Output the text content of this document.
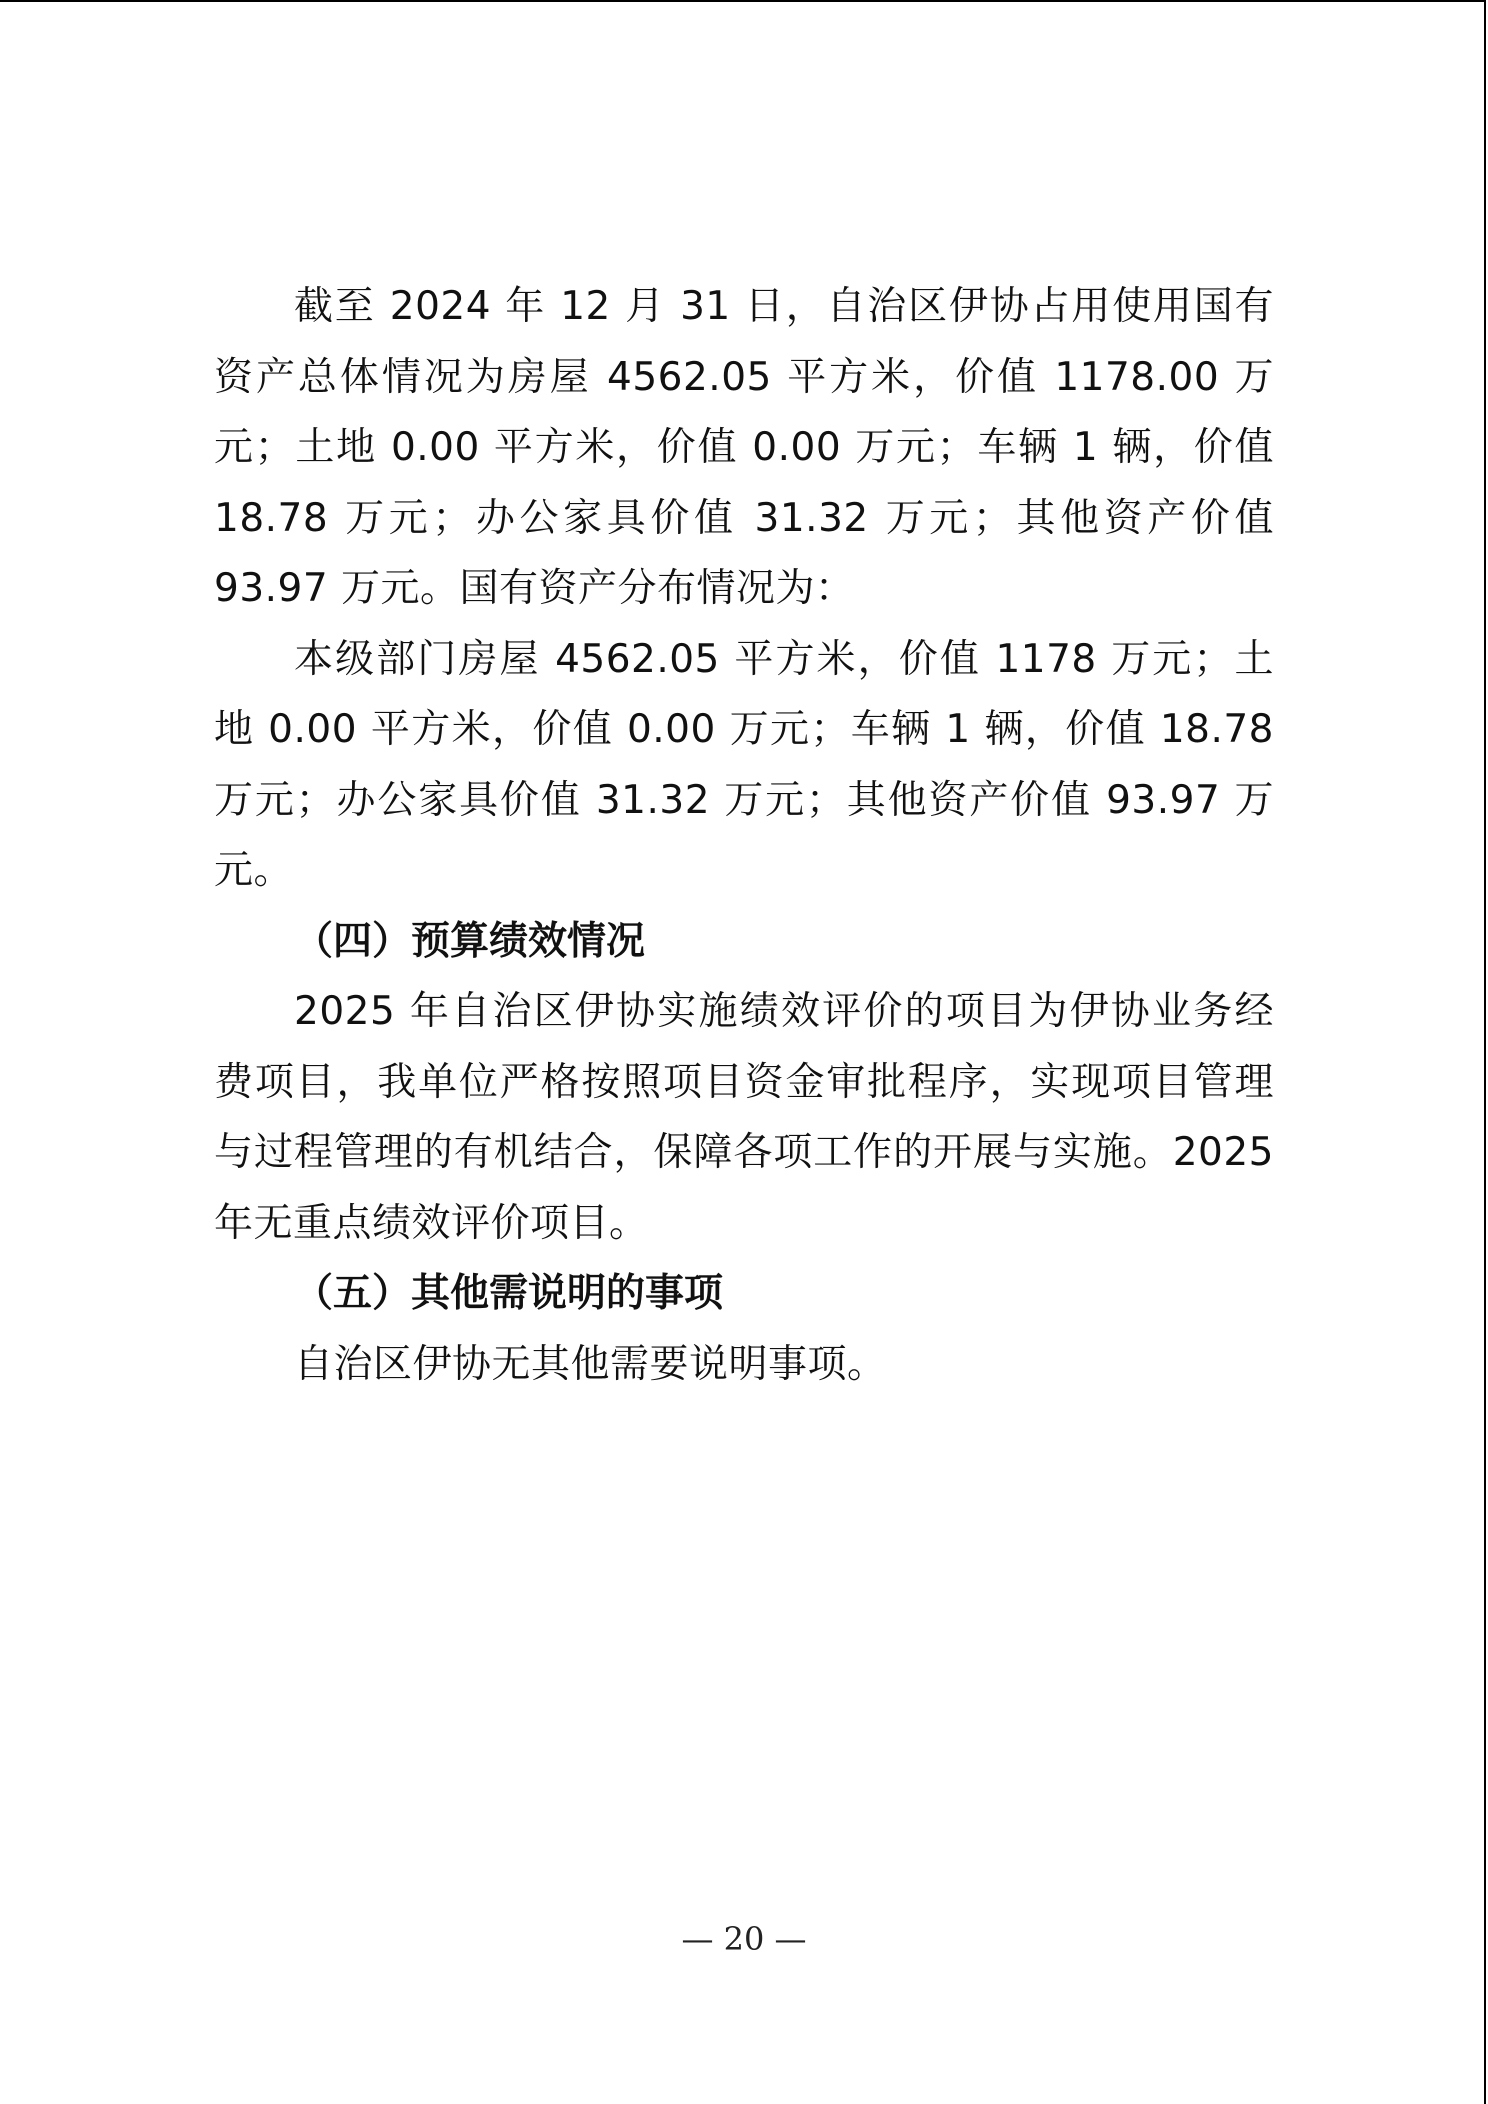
截至 2024 年 12 月 31 日，自治区伊协占用使用国有资产总体情况为房屋 4562.05 平方米，价值 1178.00 万元；土地 0.00 平方米，价值 0.00 万元；车辆 1 辆，价值 18.78 万元；办公家具价值 31.32 万元；其他资产价值 93.97 万元。国有资产分布情况为：

本级部门房屋 4562.05 平方米，价值 1178 万元；土地 0.00 平方米，价值 0.00 万元；车辆 1 辆，价值 18.78 万元；办公家具价值 31.32 万元；其他资产价值 93.97 万元。

（四）预算绩效情况

2025 年自治区伊协实施绩效评价的项目为伊协业务经费项目，我单位严格按照项目资金审批程序，实现项目管理与过程管理的有机结合，保障各项工作的开展与实施。2025 年无重点绩效评价项目。

（五）其他需说明的事项

自治区伊协无其他需要说明事项。

— 20 —
